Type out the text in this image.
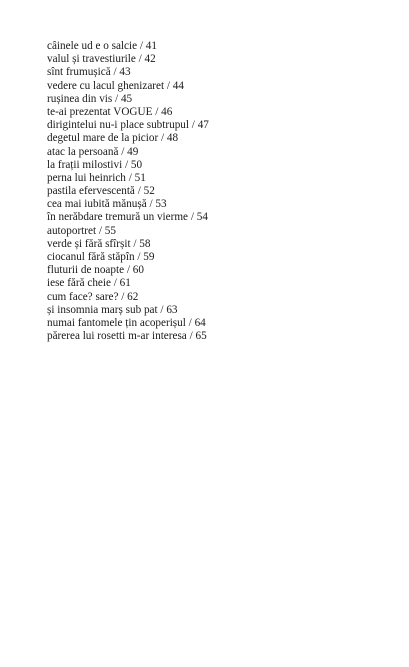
câinele ud e o salcie / 41
valul și travestiurile / 42
sînt frumușică / 43
vedere cu lacul ghenizaret / 44
rușinea din vis / 45
te-ai prezentat VOGUE / 46
dirigintelui nu-i place subtrupul / 47
degetul mare de la picior / 48
atac la persoană / 49
la frații milostivi / 50
perna lui heinrich / 51
pastila efervescentă / 52
cea mai iubită mănușă / 53
în nerăbdare tremură un vierme / 54
autoportret / 55
verde și fără sfîrșit / 58
ciocanul fără stăpîn / 59
fluturii de noapte / 60
iese fără cheie / 61
cum face? sare? / 62
și insomnia marș sub pat / 63
numai fantomele țin acoperișul / 64
părerea lui rosetti m-ar interesa / 65
